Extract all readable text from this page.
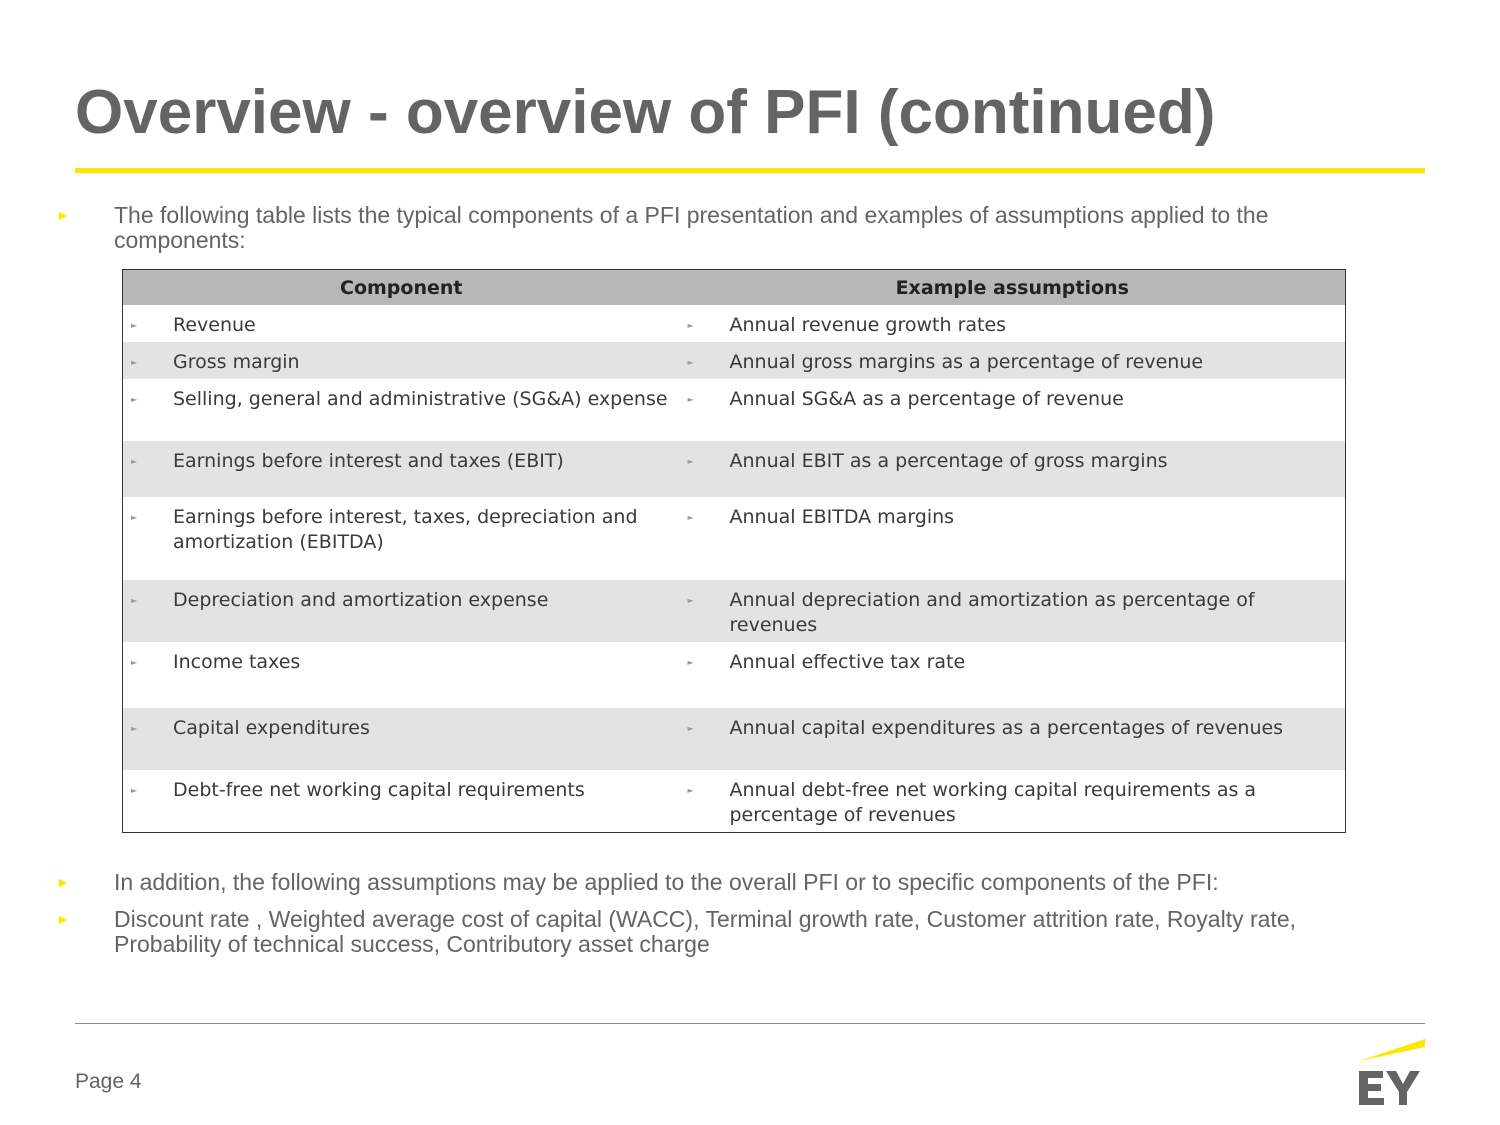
Overview - overview of PFI (continued)
► The following table lists the typical components of a PFI presentation and examples of assumptions applied to the components:
Component	Example assumptions

► Revenue	► Annual revenue growth rates

► Gross margin	► Annual gross margins as a percentage of revenue

► Selling, general and administrative (SG&A) expense	► Annual SG&A as a percentage of revenue

► Earnings before interest and taxes (EBIT)	► Annual EBIT as a percentage of gross margins

► Earnings before interest, taxes, depreciation and amortization (EBITDA)	► Annual EBITDA margins

► Depreciation and amortization expense	► Annual depreciation and amortization as percentage of revenues

► Income taxes	► Annual effective tax rate

► Capital expenditures	► Annual capital expenditures as a percentages of revenues

► Debt-free net working capital requirements	► Annual debt-free net working capital requirements as a percentage of revenues
► In addition, the following assumptions may be applied to the overall PFI or to specific components of the PFI:
► Discount rate , Weighted average cost of capital (WACC), Terminal growth rate, Customer attrition rate, Royalty rate, Probability of technical success, Contributory asset charge
Page 4
